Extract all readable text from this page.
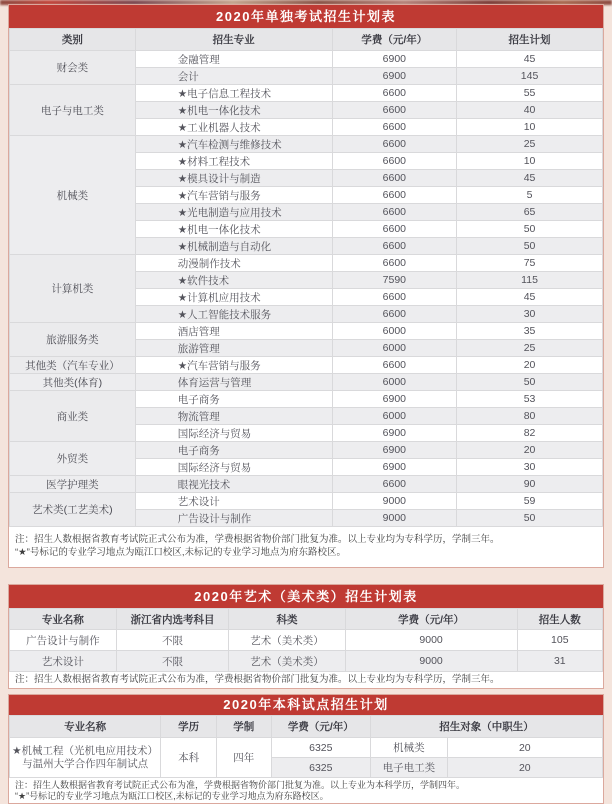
2020年单独考试招生计划表
类别	招生专业	学费（元/年）	招生计划
财会类	金融管理	6900	45
	会计	6900	145
电子与电工类	★电子信息工程技术	6600	55
	★机电一体化技术	6600	40
	★工业机器人技术	6600	10
机械类	★汽车检测与维修技术	6600	25
	★材料工程技术	6600	10
	★模具设计与制造	6600	45
	★汽车营销与服务	6600	5
	★光电制造与应用技术	6600	65
	★机电一体化技术	6600	50
	★机械制造与自动化	6600	50
计算机类	动漫制作技术	6600	75
	★软件技术	7590	115
	★计算机应用技术	6600	45
	★人工智能技术服务	6600	30
旅游服务类	酒店管理	6000	35
	旅游管理	6000	25
其他类（汽车专业）	★汽车营销与服务	6600	20
其他类(体育)	体育运营与管理	6000	50
商业类	电子商务	6900	53
	物流管理	6000	80
	国际经济与贸易	6900	82
外贸类	电子商务	6900	20
	国际经济与贸易	6900	30
医学护理类	眼视光技术	6600	90
艺术类(工艺美术)	艺术设计	9000	59
	广告设计与制作	9000	50
注：招生人数根据省教育考试院正式公布为准，学费根据省物价部门批复为准。以上专业均为专科学历，学制三年。
“★”号标记的专业学习地点为瓯江口校区,未标记的专业学习地点为府东路校区。
2020年艺术（美术类）招生计划表
专业名称	浙江省内选考科目	科类	学费（元/年）	招生人数
广告设计与制作	不限	艺术（美术类）	9000	105
艺术设计	不限	艺术（美术类）	9000	31
注：招生人数根据省教育考试院正式公布为准，学费根据省物价部门批复为准。以上专业均为专科学历，学制三年。
2020年本科试点招生计划
专业名称	学历	学制	学费（元/年）	招生对象（中职生）	

★机械工程（光机电应用技术）
与温州大学合作四年制试点	本科	四年	6325	机械类	20
			6325	电子电工类	20
注：招生人数根据省教育考试院正式公布为准，学费根据省物价部门批复为准。以上专业为本科学历，学制四年。
“★”号标记的专业学习地点为瓯江口校区,未标记的专业学习地点为府东路校区。
